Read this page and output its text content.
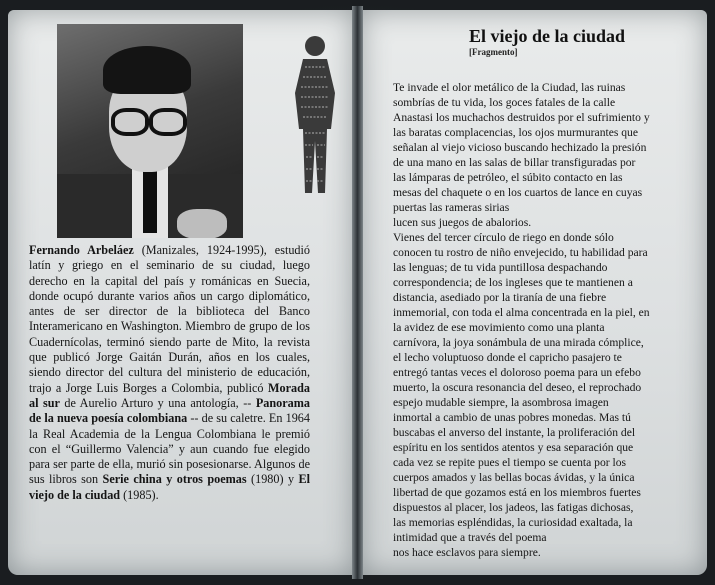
Fernando Arbeláez (Manizales, 1924-1995), estudió latín y griego en el seminario de su ciudad, luego derecho en la capital del país y románicas en Suecia, donde ocupó durante varios años un cargo diplomático, antes de ser director de la biblioteca del Banco Interamericano en Washington. Miembro de grupo de los Cuadernícolas, terminó siendo parte de Mito, la revista que publicó Jorge Gaitán Durán, años en los cuales, siendo director del cultura del ministerio de educación, trajo a Jorge Luis Borges a Colombia, publicó Morada al sur de Aurelio Arturo y una antología, -- Panorama de la nueva poesía colombiana -- de su caletre. En 1964 la Real Academia de la Lengua Colombiana le premió con el “Guillermo Valencia” y aun cuando fue elegido para ser parte de ella, murió sin posesionarse. Algunos de sus libros son Serie china y otros poemas (1980) y El viejo de la ciudad (1985).
El viejo de la ciudad
[Fragmento]
Te invade el olor metálico de la Ciudad, las ruinas
sombrías de tu vida, los goces fatales de la calle
Anastasi los muchachos destruidos por el sufrimiento y
las baratas complacencias, los ojos murmurantes que
señalan al viejo vicioso buscando hechizado la presión
de una mano en las salas de billar transfiguradas por
las lámparas de petróleo, el súbito contacto en las
mesas del chaquete o en los cuartos de lance en cuyas
puertas las rameras sirias
lucen sus juegos de abalorios.
Vienes del tercer círculo de riego en donde sólo
conocen tu rostro de niño envejecido, tu habilidad para
las lenguas; de tu vida puntillosa despachando
correspondencia; de los ingleses que te mantienen a
distancia, asediado por la tiranía de una fiebre
inmemorial, con toda el alma concentrada en la piel, en
la avidez de ese movimiento como una planta
carnívora, la joya sonámbula de una mirada cómplice,
el lecho voluptuoso donde el capricho pasajero te
entregó tantas veces el doloroso poema para un efebo
muerto, la oscura resonancia del deseo, el reprochado
espejo mudable siempre, la asombrosa imagen
inmortal a cambio de unas pobres monedas. Mas tú
buscabas el anverso del instante, la proliferación del
espíritu en los sentidos atentos y esa separación que
cada vez se repite pues el tiempo se cuenta por los
cuerpos amados y las bellas bocas ávidas, y la única
libertad de que gozamos está en los miembros fuertes
dispuestos al placer, los jadeos, las fatigas dichosas,
las memorias espléndidas, la curiosidad exaltada, la
intimidad que a través del poema
nos hace esclavos para siempre.
